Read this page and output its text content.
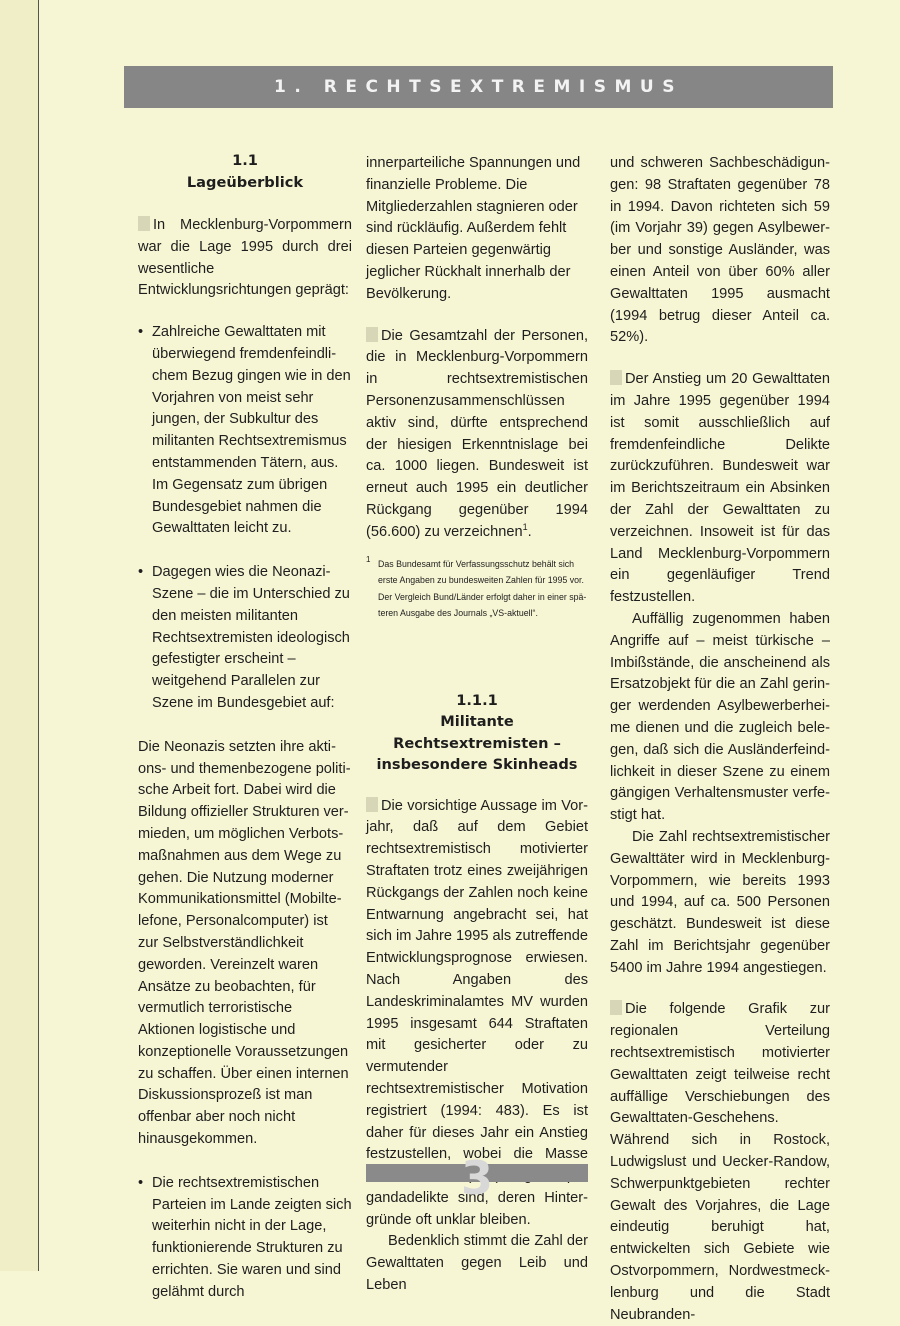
1. RECHTSEXTREMISMUS
1.1
Lageüberblick

In Mecklenburg-Vorpommern war die Lage 1995 durch drei wesentliche Entwicklungsrichtungen geprägt:

• Zahlreiche Gewalttaten mit überwiegend fremdenfeindlichem Bezug gingen wie in den Vorjahren von meist sehr jungen, der Subkultur des militanten Rechtsextremismus entstammenden Tätern, aus. Im Gegensatz zum übrigen Bundesgebiet nahmen die Gewalttaten leicht zu.
• Dagegen wies die Neonazi-Szene – die im Unterschied zu den meisten militanten Rechtsextremisten ideologisch gefestigter erscheint – weitgehend Parallelen zur Szene im Bundesgebiet auf:
Die Neonazis setzten ihre aktions- und themenbezogene politische Arbeit fort. Dabei wird die Bildung offizieller Strukturen vermieden, um möglichen Verbotsmaßnahmen aus dem Wege zu gehen. Die Nutzung moderner Kommunikationsmittel (Mobiltelefone, Personalcomputer) ist zur Selbstverständlichkeit geworden. Vereinzelt waren Ansätze zu beobachten, für vermutlich terroristische Aktionen logistische und konzeptionelle Voraussetzungen zu schaffen. Über einen internen Diskussionsprozeß ist man offenbar aber noch nicht hinausgekommen.
• Die rechtsextremistischen Parteien im Lande zeigten sich weiterhin nicht in der Lage, funktionierende Strukturen zu errichten. Sie waren und sind gelähmt durch
innerparteiliche Spannungen und finanzielle Probleme. Die Mitgliederzahlen stagnieren oder sind rückläufig. Außerdem fehlt diesen Parteien gegenwärtig jeglicher Rückhalt innerhalb der Bevölkerung.

Die Gesamtzahl der Personen, die in Mecklenburg-Vorpommern in rechtsextremistischen Personenzusammenschlüssen aktiv sind, dürfte entsprechend der hiesigen Erkenntnislage bei ca. 1000 liegen. Bundesweit ist erneut auch 1995 ein deutlicher Rückgang gegenüber 1994 (56.600) zu verzeichnen$^1$.

1 Das Bundesamt für Verfassungsschutz behält sich erste Angaben zu bundesweiten Zahlen für 1995 vor. Der Vergleich Bund/Länder erfolgt daher in einer späteren Ausgabe des Journals „VS-aktuell“.
1.1.1
Militante Rechtsextremisten – insbesondere Skinheads

Die vorsichtige Aussage im Vorjahr, daß auf dem Gebiet rechtsextremistisch motivierter Straftaten trotz eines zweijährigen Rückgangs der Zahlen noch keine Entwarnung angebracht sei, hat sich im Jahre 1995 als zutreffende Entwicklungsprognose erwiesen. Nach Angaben des Landeskriminalamtes MV wurden 1995 insgesamt 644 Straftaten mit gesicherter oder zu vermutender rechtsextremistischer Motivation registriert (1994: 483). Es ist daher für dieses Jahr ein Anstieg festzustellen, wobei die Masse andadelikte sind, deren Hintergründe oft unklar bleiben.

Bedenklich stimmt die Zahl der Gewalttaten gegen Leib und Leben

und schweren Sachbeschädigungen: 98 Straftaten gegenüber 78 in 1994. Davon richteten sich 59 (im Vorjahr 39) gegen Asylbewerber und sonstige Ausländer, was einen Anteil von über 60% aller Gewalttaten 1995 ausmacht (1994 betrug dieser Anteil ca. 52%).

Der Anstieg um 20 Gewalttaten im Jahre 1995 gegenüber 1994 ist somit ausschließlich auf fremdenfeindliche Delikte zurückzuführen. Bundesweit war im Berichtszeitraum ein Absinken der Zahl der Gewalttaten zu verzeichnen. Insoweit ist für das Land Mecklenburg-Vorpommern ein gegenläufiger Trend festzustellen.

Auffällig zugenommen haben Angriffe auf – meist türkische – Imbißstände, die anscheinend als Ersatzobjekt für die an Zahl geringer werdenden Asylbewerberheime dienen und die zugleich belegen, daß sich die Ausländerfeindlichkeit in dieser Szene zu einem gängigen Verhaltensmuster verfestigt hat.

Die Zahl rechtsextremistischer Gewalttäter wird in Mecklenburg-Vorpommern, wie bereits 1993 und 1994, auf ca. 500 Personen geschätzt. Bundesweit ist diese Zahl im Berichtsjahr gegenüber 5400 im Jahre 1994 angestiegen.

Die folgende Grafik zur regionalen Verteilung rechtsextremistisch motivierter Gewalttaten zeigt teilweise recht auffällige Verschiebungen des Gewalttaten-Geschehens. Während sich in Rostock, Ludwigslust und Uecker-Randow, Schwerpunktgebieten rechter Gewalt des Vorjahres, die Lage eindeutig beruhigt hat, entwickelten sich Gebiete wie Ostvorpommern, Nordwestmecklenburg und die Stadt Neubranden-

3
